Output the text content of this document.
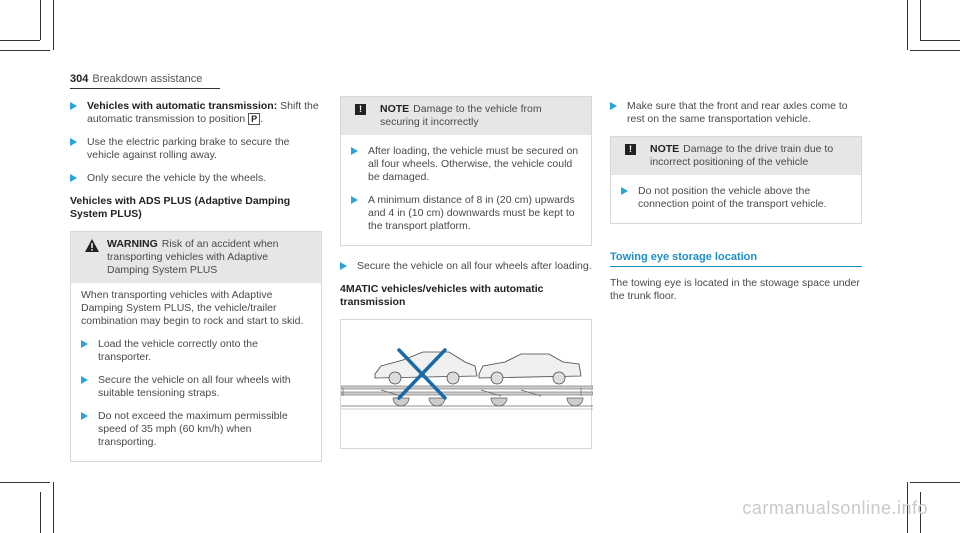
304 Breakdown assistance
Vehicles with automatic transmission: Shift the automatic transmission to position P .
Use the electric parking brake to secure the vehicle against rolling away.
Only secure the vehicle by the wheels.
Vehicles with ADS PLUS (Adaptive Damping System PLUS)
WARNING Risk of an accident when transporting vehicles with Adaptive Damping System PLUS

When transporting vehicles with Adaptive Damping System PLUS, the vehicle/trailer combination may begin to rock and start to skid.

Load the vehicle correctly onto the transporter.
Secure the vehicle on all four wheels with suitable tensioning straps.
Do not exceed the maximum permissible speed of 35 mph (60 km/h) when transporting.
!	NOTE Damage to the vehicle from securing it incorrectly
After loading, the vehicle must be secured on all four wheels. Otherwise, the vehicle could be damaged.
A minimum distance of 8 in (20 cm) upwards and 4 in (10 cm) downwards must be kept to the transport platform.
Secure the vehicle on all four wheels after loading.
4MATIC vehicles/vehicles with automatic transmission
Make sure that the front and rear axles come to rest on the same transportation vehicle.
!	NOTE Damage to the drive train due to incorrect positioning of the vehicle
Do not position the vehicle above the connection point of the transport vehicle.
Towing eye storage location

The towing eye is located in the stowage space under the trunk floor.

carmanualsonline.info
